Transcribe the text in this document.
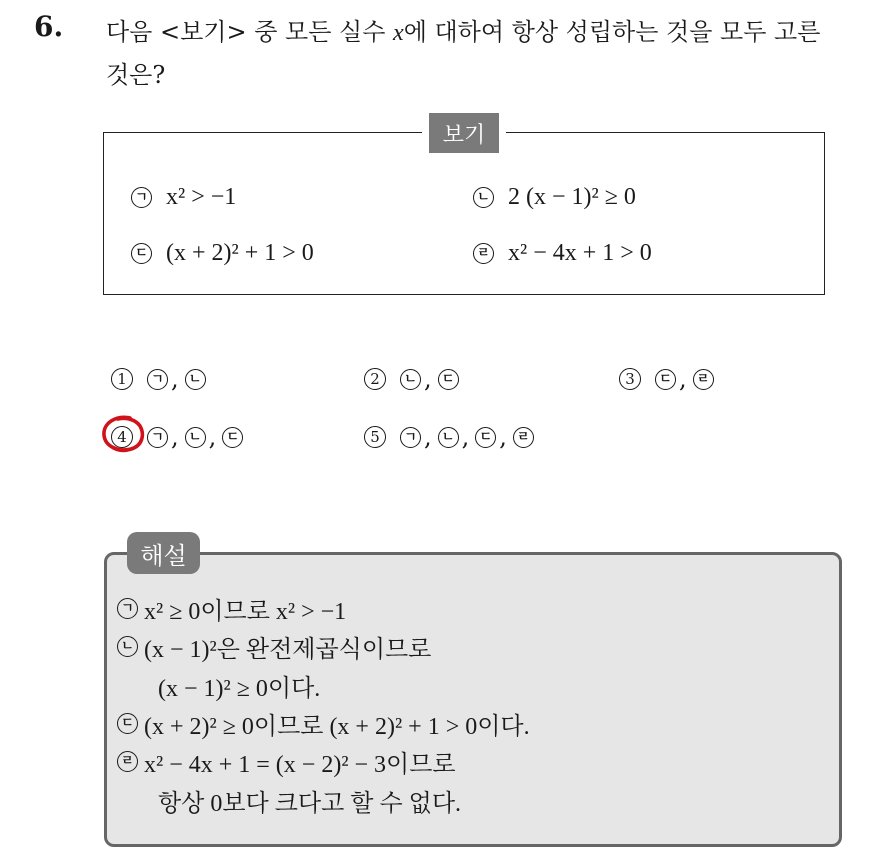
6. 다음 <보기> 중 모든 실수 x에 대하여 항상 성립하는 것을 모두 고른
것은?
보기
ㄱ x² > −1	ㄴ 2 (x − 1)² ≥ 0
ㄷ (x + 2)² + 1 > 0	ㄹ x² − 4x + 1 > 0
1	ㄱ , ㄴ	2	ㄴ , ㄷ	3	ㄷ , ㄹ
4	ㄱ , ㄴ , ㄷ	5	ㄱ , ㄴ , ㄷ , ㄹ
해설
ㄱ x² ≥ 0이므로 x² > −1
ㄴ (x − 1)²은 완전제곱식이므로
(x − 1)² ≥ 0이다.
ㄷ (x + 2)² ≥ 0이므로 (x + 2)² + 1 > 0이다.
ㄹ x² − 4x + 1 = (x − 2)² − 3이므로
항상 0보다 크다고 할 수 없다.
